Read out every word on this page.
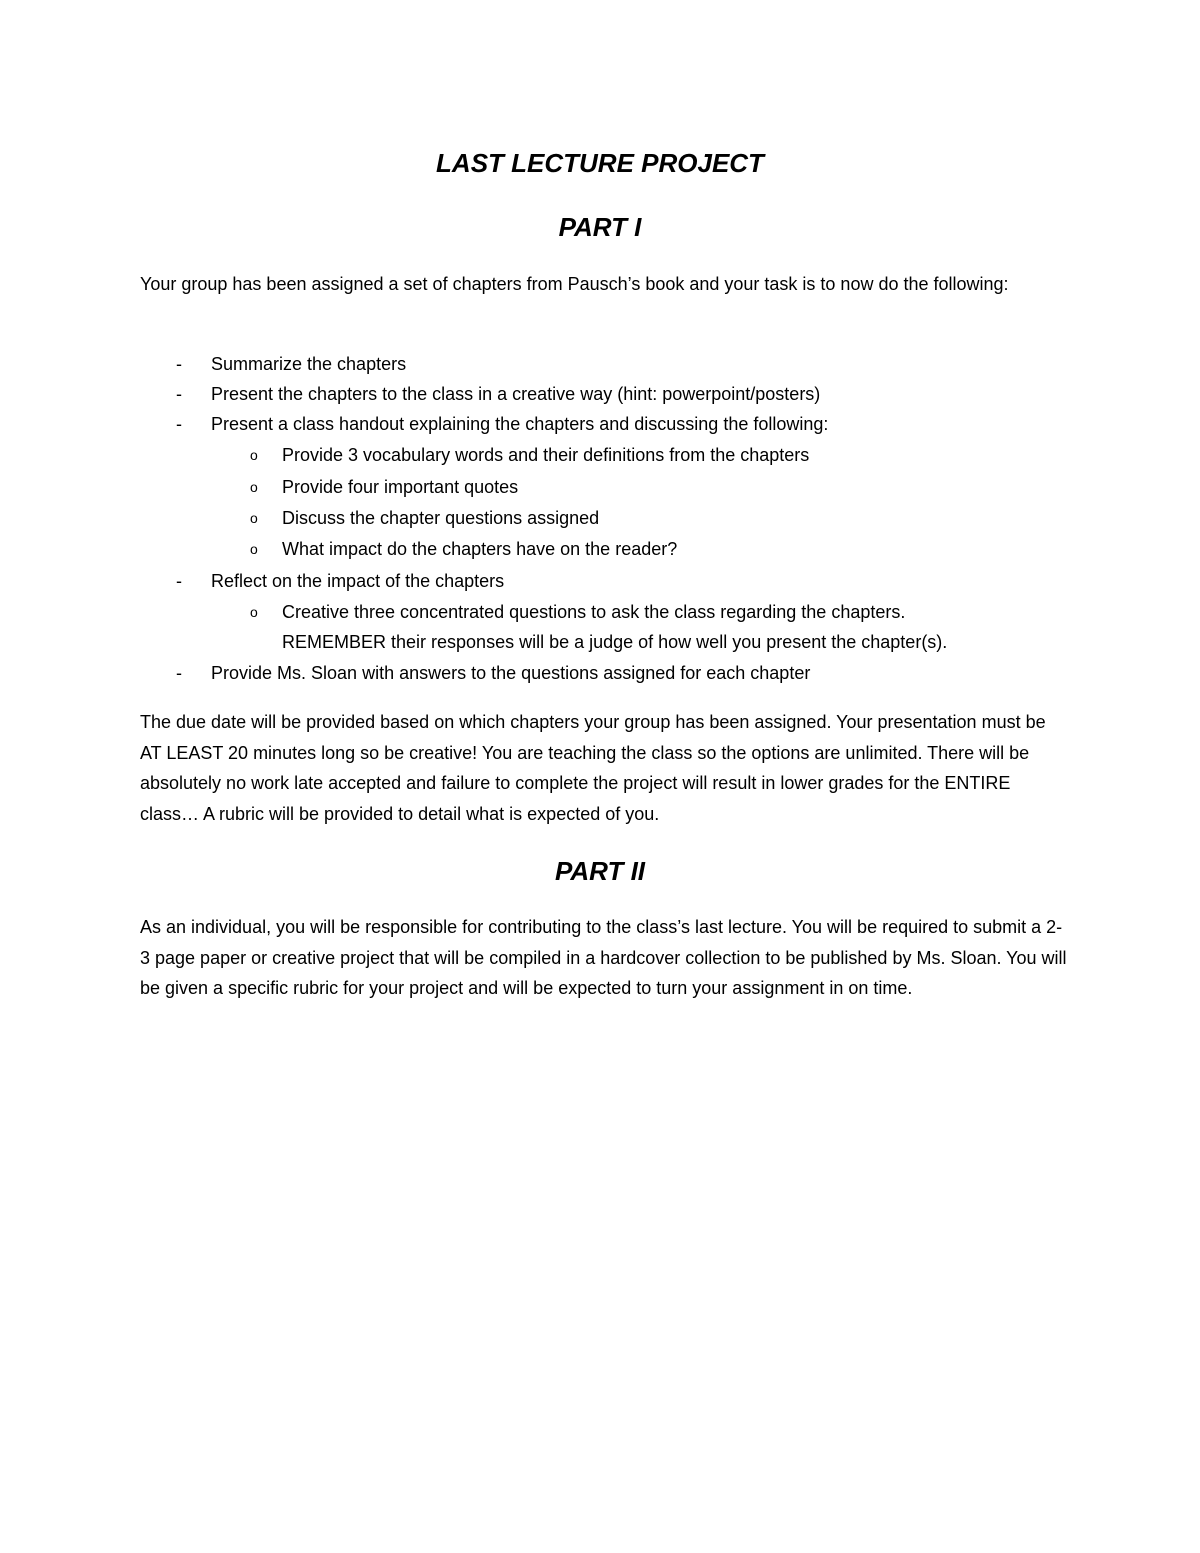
LAST LECTURE PROJECT
PART I
Your group has been assigned a set of chapters from Pausch’s book and your task is to now do the following:
- Summarize the chapters
- Present the chapters to the class in a creative way (hint: powerpoint/posters)
- Present a class handout explaining the chapters and discussing the following:
o Provide 3 vocabulary words and their definitions from the chapters
o Provide four important quotes
o Discuss the chapter questions assigned
o What impact do the chapters have on the reader?
- Reflect on the impact of the chapters
o Creative three concentrated questions to ask the class regarding the chapters.
REMEMBER their responses will be a judge of how well you present the chapter(s).
- Provide Ms. Sloan with answers to the questions assigned for each chapter
The due date will be provided based on which chapters your group has been assigned. Your presentation must be AT LEAST 20 minutes long so be creative! You are teaching the class so the options are unlimited. There will be absolutely no work late accepted and failure to complete the project will result in lower grades for the ENTIRE class… A rubric will be provided to detail what is expected of you.
PART II
As an individual, you will be responsible for contributing to the class’s last lecture. You will be required to submit a 2-3 page paper or creative project that will be compiled in a hardcover collection to be published by Ms. Sloan. You will be given a specific rubric for your project and will be expected to turn your assignment in on time.
